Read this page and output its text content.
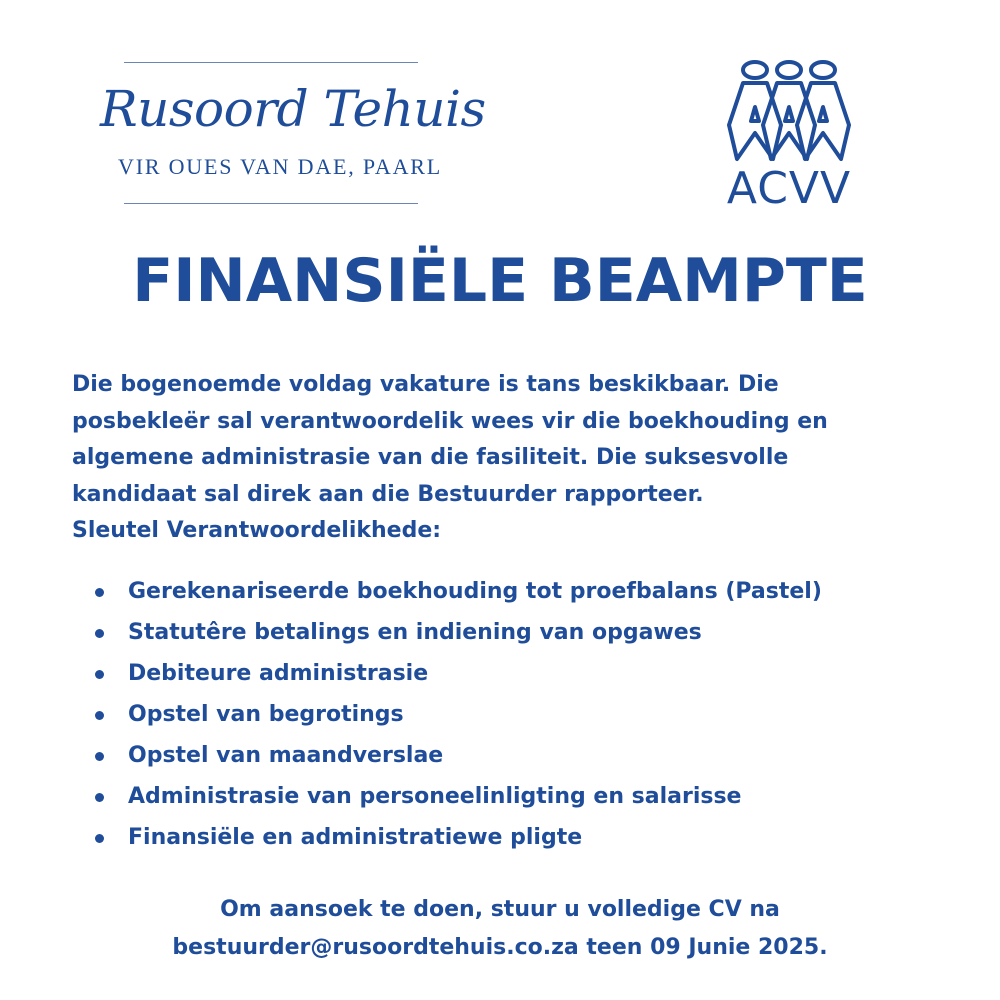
Rusoord Tehuis
VIR OUES VAN DAE, PAARL	ACVV
FINANSIËLE BEAMPTE
Die bogenoemde voldag vakature is tans beskikbaar. Die
posbekleër sal verantwoordelik wees vir die boekhouding en
algemene administrasie van die fasiliteit. Die suksesvolle
kandidaat sal direk aan die Bestuurder rapporteer.
Sleutel Verantwoordelikhede:
Gerekenariseerde boekhouding tot proefbalans (Pastel)
Statutêre betalings en indiening van opgawes
Debiteure administrasie
Opstel van begrotings
Opstel van maandverslae
Administrasie van personeelinligting en salarisse
Finansiële en administratiewe pligte
Om aansoek te doen, stuur u volledige CV na
bestuurder@rusoordtehuis.co.za teen 09 Junie 2025.
